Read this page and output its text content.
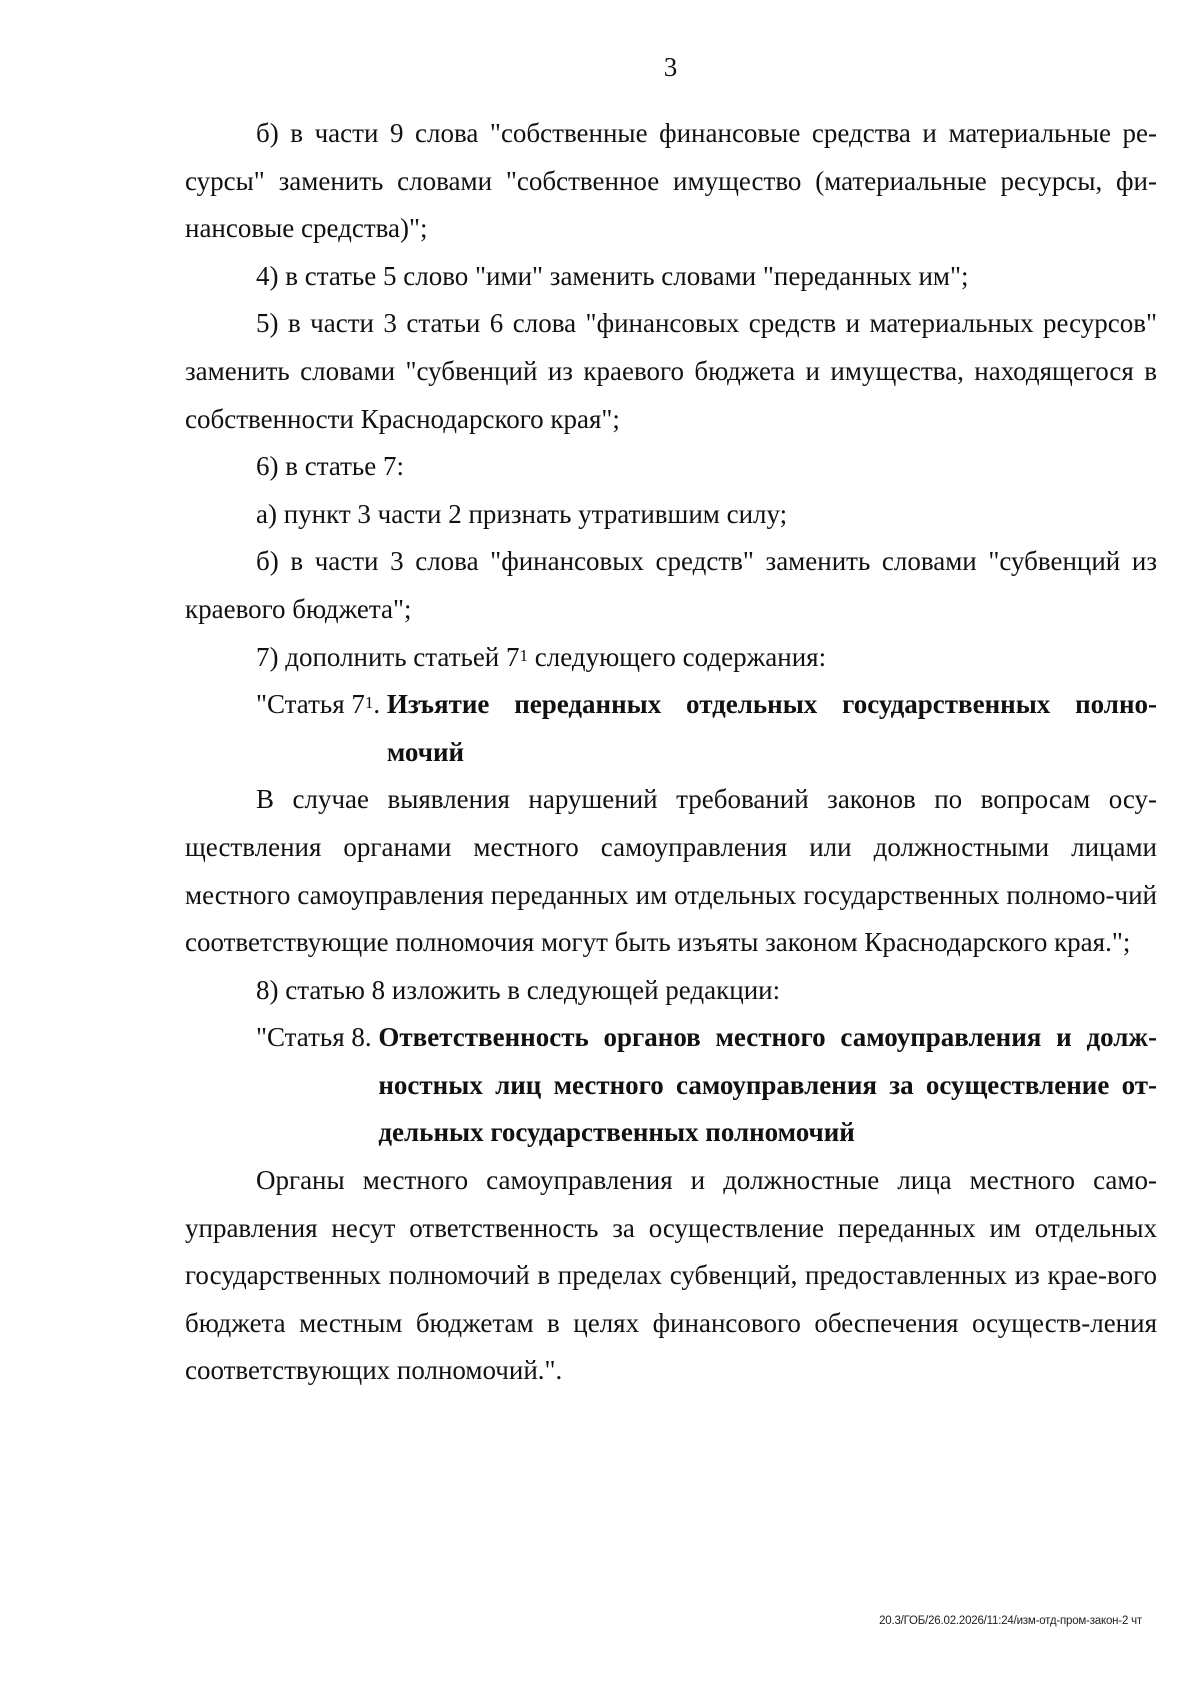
3

б) в части 9 слова "собственные финансовые средства и материальные ре-сурсы" заменить словами "собственное имущество (материальные ресурсы, фи-нансовые средства)";

4) в статье 5 слово "ими" заменить словами "переданных им";

5) в части 3 статьи 6 слова "финансовых средств и материальных ресурсов" заменить словами "субвенций из краевого бюджета и имущества, находящегося в собственности Краснодарского края";

6) в статье 7:

а) пункт 3 части 2 признать утратившим силу;

б) в части 3 слова "финансовых средств" заменить словами "субвенций из краевого бюджета";

7) дополнить статьей $7^1$ следующего содержания:

"Статья $7^1$. Изъятие переданных отдельных государственных полно-
мочий

В случае выявления нарушений требований законов по вопросам осу-ществления органами местного самоуправления или должностными лицами местного самоуправления переданных им отдельных государственных полномо-чий соответствующие полномочия могут быть изъяты законом Краснодарского края.";

8) статью 8 изложить в следующей редакции:

"Статья 8. Ответственность органов местного самоуправления и долж-
ностных лиц местного самоуправления за осуществление от-
дельных государственных полномочий

Органы местного самоуправления и должностные лица местного само-управления несут ответственность за осуществление переданных им отдельных государственных полномочий в пределах субвенций, предоставленных из крае-вого бюджета местным бюджетам в целях финансового обеспечения осуществ-ления соответствующих полномочий.".

20.3/ГОБ/26.02.2026/11:24/изм-отд-пром-закон-2 чт
